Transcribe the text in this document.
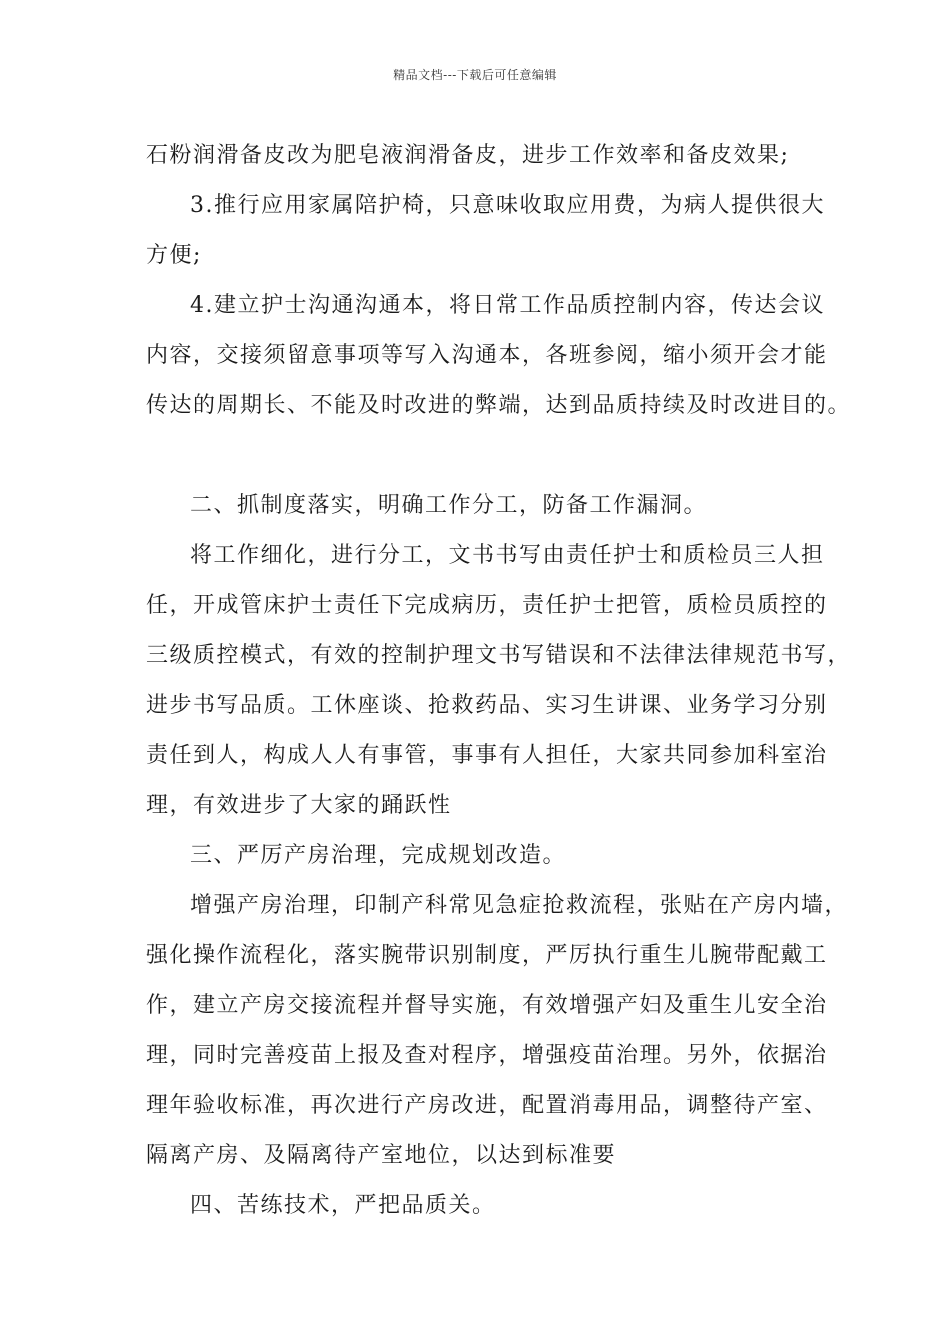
精品文档---下载后可任意编辑
石粉润滑备皮改为肥皂液润滑备皮，进步工作效率和备皮效果;
3.推行应用家属陪护椅，只意味收取应用费，为病人提供很大
方便;
4.建立护士沟通沟通本，将日常工作品质控制内容，传达会议
内容，交接须留意事项等写入沟通本，各班参阅，缩小须开会才能
传达的周期长、不能及时改进的弊端，达到品质持续及时改进目的。
二、抓制度落实，明确工作分工，防备工作漏洞。
将工作细化，进行分工，文书书写由责任护士和质检员三人担
任，开成管床护士责任下完成病历，责任护士把管，质检员质控的
三级质控模式，有效的控制护理文书写错误和不法律法律规范书写，
进步书写品质。工休座谈、抢救药品、实习生讲课、业务学习分别
责任到人，构成人人有事管，事事有人担任，大家共同参加科室治
理，有效进步了大家的踊跃性
三、严厉产房治理，完成规划改造。
增强产房治理，印制产科常见急症抢救流程，张贴在产房内墙，
强化操作流程化，落实腕带识别制度，严厉执行重生儿腕带配戴工
作，建立产房交接流程并督导实施，有效增强产妇及重生儿安全治
理，同时完善疫苗上报及查对程序，增强疫苗治理。另外，依据治
理年验收标准，再次进行产房改进，配置消毒用品，调整待产室、
隔离产房、及隔离待产室地位，以达到标准要
四、苦练技术，严把品质关。
